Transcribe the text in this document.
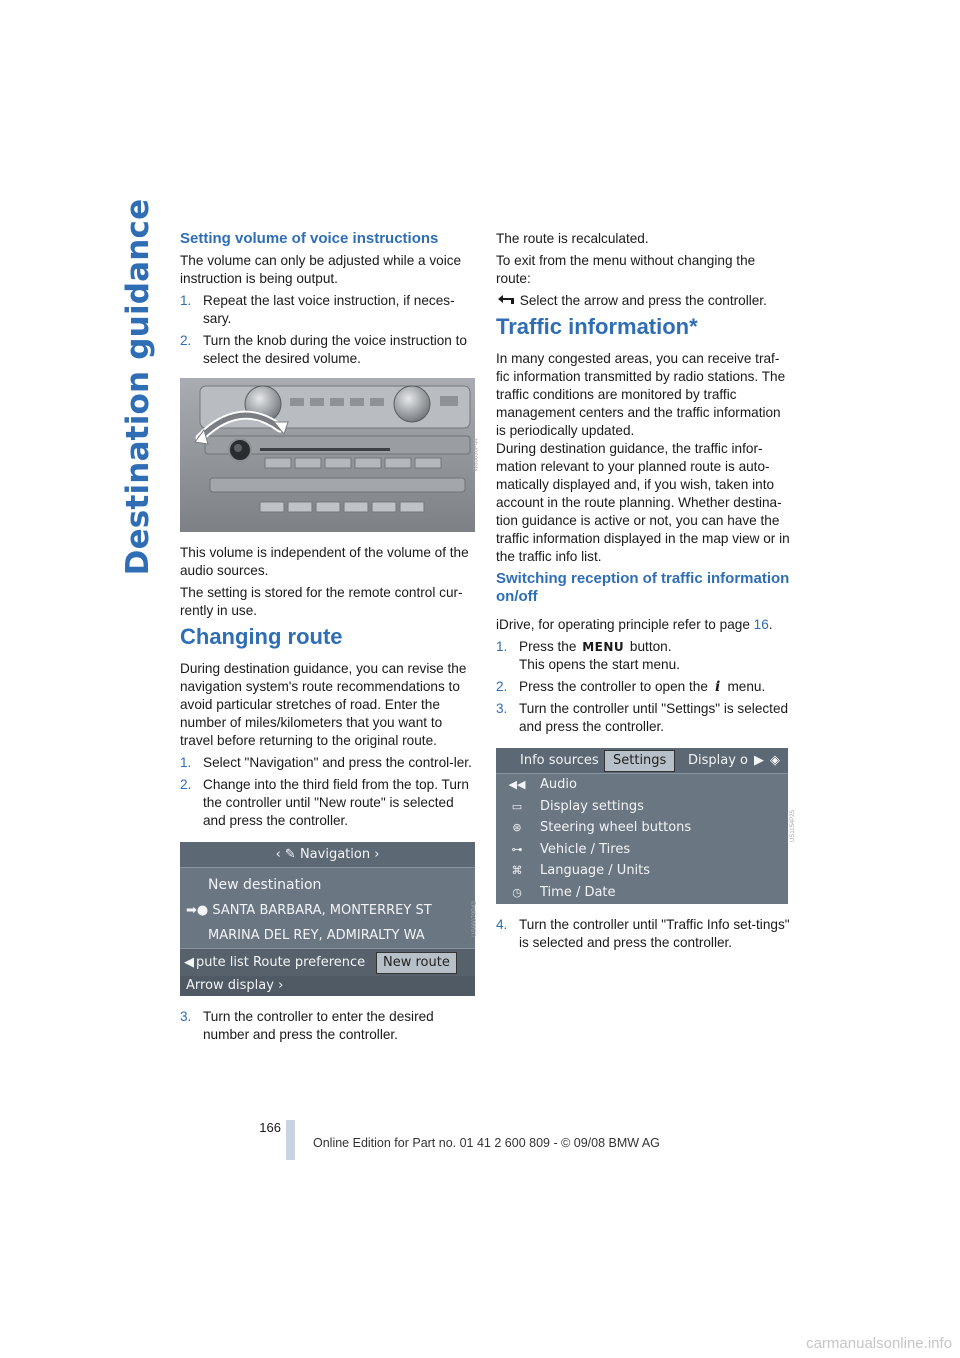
Destination guidance Setting volume of voice instructions

The volume can only be adjusted while a voice instruction is being output.

1. Repeat the last voice instruction, if neces-sary.
2. Turn the knob during the voice instruction to select the desired volume.
W86036P44

This volume is independent of the volume of the audio sources.

The setting is stored for the remote control cur-rently in use.

Changing route

During destination guidance, you can revise the navigation system's route recommendations to avoid particular stretches of road. Enter the number of miles/kilometers that you want to travel before returning to the original route.

1. Select "Navigation" and press the control-ler.
2. Change into the third field from the top. Turn the controller until "New route" is selected and press the controller.
‹ ✎ Navigation ›
New destination
➡● SANTA BARBARA, MONTERREY ST
MARINA DEL REY, ADMIRALTY WA
◀ pute list Route preference	New route
Arrow display ›
US66079P42
3. Turn the controller to enter the desired number and press the controller.

The route is recalculated.

To exit from the menu without changing the route:

Select the arrow and press the controller.

Traffic information*

In many congested areas, you can receive traf-fic information transmitted by radio stations. The traffic conditions are monitored by traffic management centers and the traffic information is periodically updated.

During destination guidance, the traffic infor-mation relevant to your planned route is auto-matically displayed and, if you wish, taken into account in the route planning. Whether destina-tion guidance is active or not, you can have the traffic information displayed in the map view or in the traffic info list.

Switching reception of traffic information on/off

iDrive, for operating principle refer to page 16.

1. Press the MENU button.
This opens the start menu.
2. Press the controller to open the i menu.
3. Turn the controller until "Settings" is selected and press the controller.
Info sources	Settings	Display o ▶ ◈
◀◀	Audio
▭	Display settings
⊛	Steering wheel buttons
⊶	Vehicle / Tires
⌘	Language / Units
◷	Time / Date
US1154P25
4. Turn the controller until "Traffic Info set-tings" is selected and press the controller.
166
Online Edition for Part no. 01 41 2 600 809 - © 09/08 BMW AG
carmanualsonline.info
